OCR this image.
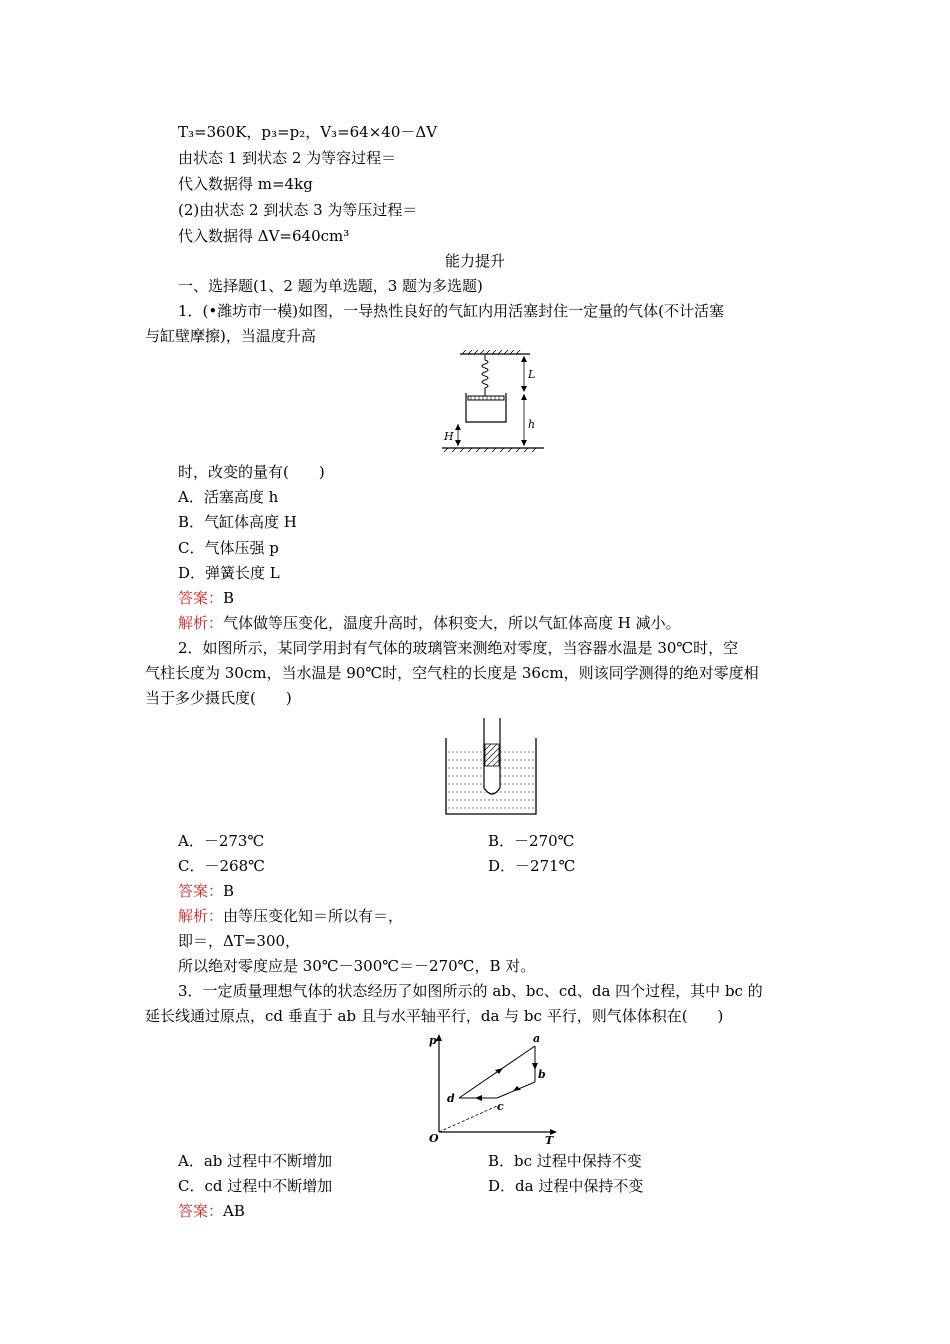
T₃=360K，p₃=p₂，V₃=64×40－ΔV
由状态 1 到状态 2 为等容过程＝
代入数据得 m=4kg
(2)由状态 2 到状态 3 为等压过程＝
代入数据得 ΔV=640cm³
能力提升
一、选择题(1、2 题为单选题，3 题为多选题)
1．(•潍坊市一模)如图，一导热性良好的气缸内用活塞封住一定量的气体(不计活塞
与缸壁摩擦)，当温度升高
L
h
H
时，改变的量有(　　)
A．活塞高度 h
B．气缸体高度 H
C．气体压强 p
D．弹簧长度 L
答案：B
解析：气体做等压变化，温度升高时，体积变大，所以气缸体高度 H 减小。
2．如图所示，某同学用封有气体的玻璃管来测绝对零度，当容器水温是 30℃时，空
气柱长度为 30cm，当水温是 90℃时，空气柱的长度是 36cm，则该同学测得的绝对零度相
当于多少摄氏度(　　)
A．－273℃	B．－270℃
C．－268℃	D．－271℃
答案：B
解析：由等压变化知＝所以有＝，
即＝，ΔT=300，
所以绝对零度应是 30℃－300℃＝－270℃，B 对。
3．一定质量理想气体的状态经历了如图所示的 ab、bc、cd、da 四个过程，其中 bc 的
延长线通过原点，cd 垂直于 ab 且与水平轴平行，da 与 bc 平行，则气体体积在(　　)
p
T
O
a
b
c
d
A．ab 过程中不断增加	B．bc 过程中保持不变
C．cd 过程中不断增加	D．da 过程中保持不变
答案：AB
